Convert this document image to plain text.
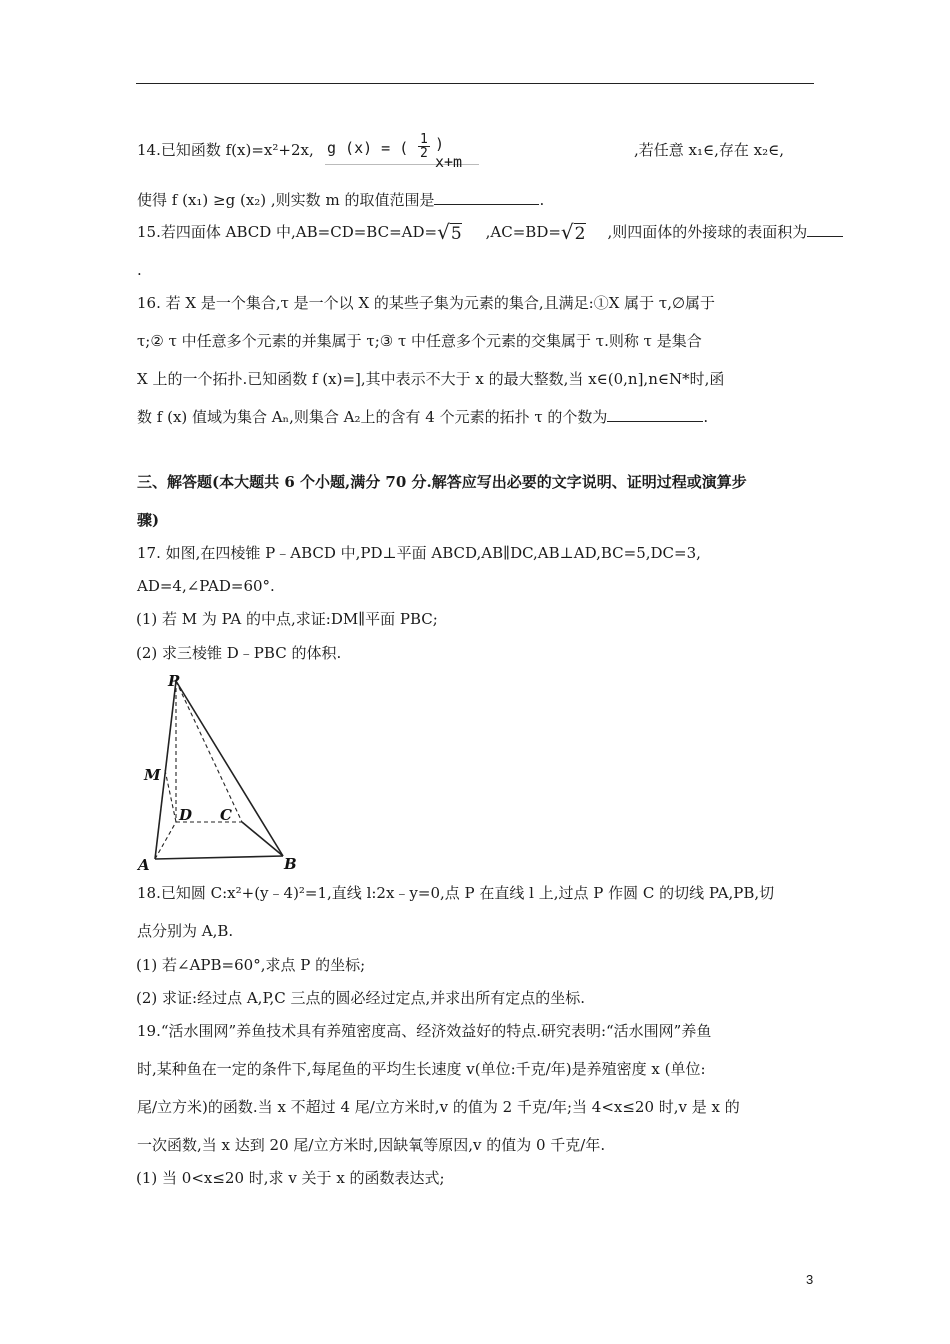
14.已知函数 f(x)=x²+2x, g (x) = ( $\frac{1}{2}$ ) x+m
,若任意 x₁∈,存在 x₂∈,
使得 f (x₁) ≥g (x₂) ,则实数 m 的取值范围是	.
15.若四面体 ABCD 中,AB=CD=BC=AD=√5 ,AC=BD=√2 ,则四面体的外接球的表面积为
.
16. 若 X 是一个集合,τ 是一个以 X 的某些子集为元素的集合,且满足:①X 属于 τ,∅属于
τ;② τ 中任意多个元素的并集属于 τ;③ τ 中任意多个元素的交集属于 τ.则称 τ 是集合
X 上的一个拓扑.已知函数 f (x)=],其中表示不大于 x 的最大整数,当 x∈(0,n],n∈N*时,函
数 f (x) 值域为集合 Aₙ,则集合 A₂上的含有 4 个元素的拓扑 τ 的个数为	.
三、解答题(本大题共 6 个小题,满分 70 分.解答应写出必要的文字说明、证明过程或演算步
骤)
17. 如图,在四棱锥 P﹣ABCD 中,PD⊥平面 ABCD,AB∥DC,AB⊥AD,BC=5,DC=3,
AD=4,∠PAD=60°.
(1) 若 M 为 PA 的中点,求证:DM∥平面 PBC;
(2) 求三棱锥 D﹣PBC 的体积.
P
M
D C
A	B
18.已知圆 C:x²+(y﹣4)²=1,直线 l:2x﹣y=0,点 P 在直线 l 上,过点 P 作圆 C 的切线 PA,PB,切
点分别为 A,B.
(1) 若∠APB=60°,求点 P 的坐标;
(2) 求证:经过点 A,P,C 三点的圆必经过定点,并求出所有定点的坐标.
19.“活水围网”养鱼技术具有养殖密度高、经济效益好的特点.研究表明:“活水围网”养鱼
时,某种鱼在一定的条件下,每尾鱼的平均生长速度 v(单位:千克/年)是养殖密度 x (单位:
尾/立方米)的函数.当 x 不超过 4 尾/立方米时,v 的值为 2 千克/年;当 4<x≤20 时,v 是 x 的
一次函数,当 x 达到 20 尾/立方米时,因缺氧等原因,v 的值为 0 千克/年.
(1) 当 0<x≤20 时,求 v 关于 x 的函数表达式;
3
